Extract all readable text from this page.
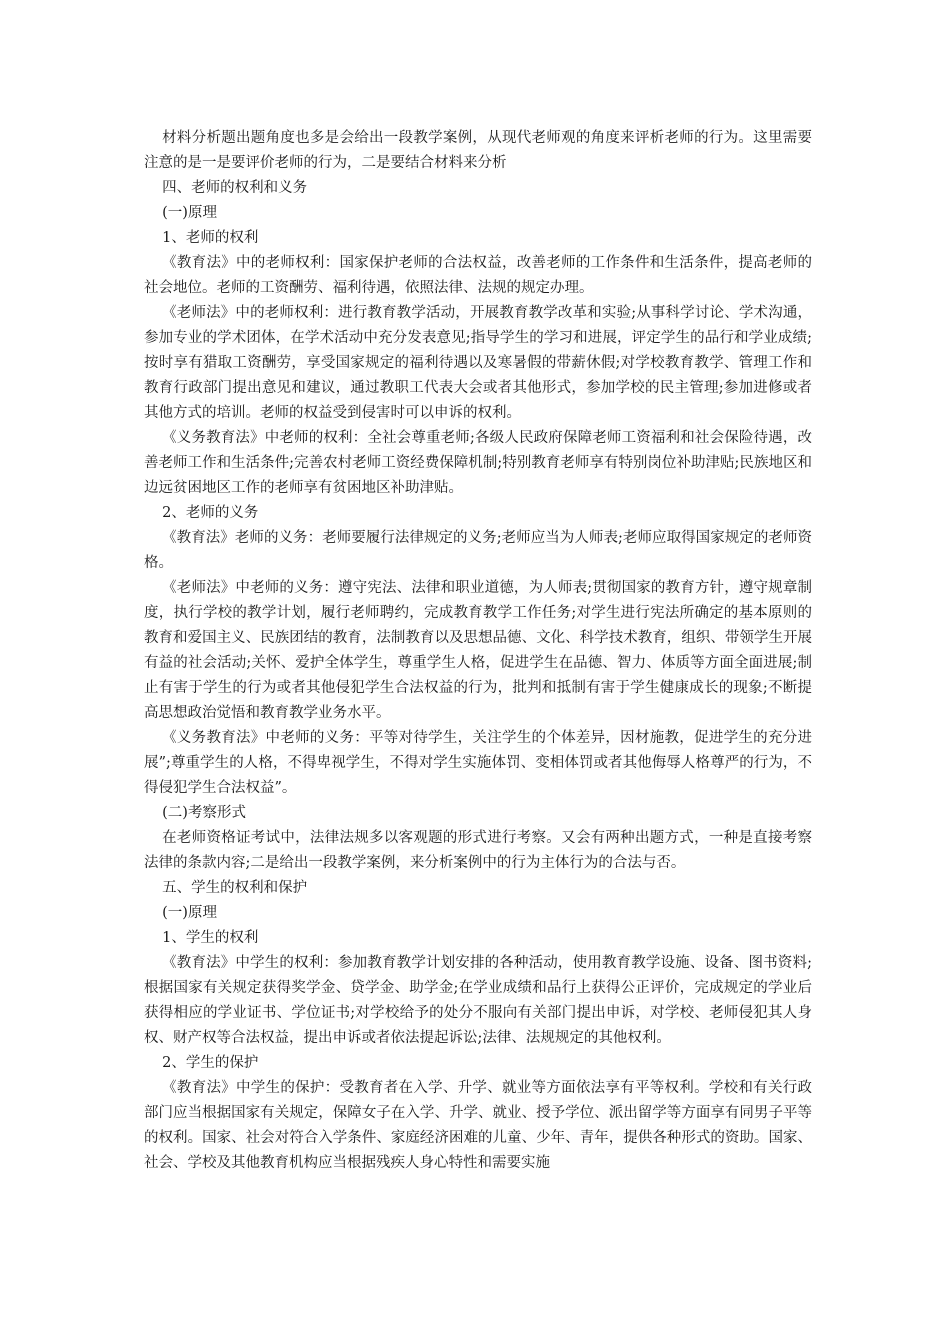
材料分析题出题角度也多是会给出一段教学案例，从现代老师观的角度来评析老师的行为。这里需要注意的是一是要评价老师的行为，二是要结合材料来分析

四、老师的权利和义务

(一)原理

1、老师的权利

《教育法》中的老师权利：国家保护老师的合法权益，改善老师的工作条件和生活条件，提高老师的社会地位。老师的工资酬劳、福利待遇，依照法律、法规的规定办理。

《老师法》中的老师权利：进行教育教学活动，开展教育教学改革和实验;从事科学讨论、学术沟通，参加专业的学术团体，在学术活动中充分发表意见;指导学生的学习和进展，评定学生的品行和学业成绩;按时享有猎取工资酬劳，享受国家规定的福利待遇以及寒暑假的带薪休假;对学校教育教学、管理工作和教育行政部门提出意见和建议，通过教职工代表大会或者其他形式，参加学校的民主管理;参加进修或者其他方式的培训。老师的权益受到侵害时可以申诉的权利。

《义务教育法》中老师的权利：全社会尊重老师;各级人民政府保障老师工资福利和社会保险待遇，改善老师工作和生活条件;完善农村老师工资经费保障机制;特别教育老师享有特别岗位补助津贴;民族地区和边远贫困地区工作的老师享有贫困地区补助津贴。

2、老师的义务

《教育法》老师的义务：老师要履行法律规定的义务;老师应当为人师表;老师应取得国家规定的老师资格。

《老师法》中老师的义务：遵守宪法、法律和职业道德，为人师表;贯彻国家的教育方针，遵守规章制度，执行学校的教学计划，履行老师聘约，完成教育教学工作任务;对学生进行宪法所确定的基本原则的教育和爱国主义、民族团结的教育，法制教育以及思想品德、文化、科学技术教育，组织、带领学生开展有益的社会活动;关怀、爱护全体学生，尊重学生人格，促进学生在品德、智力、体质等方面全面进展;制止有害于学生的行为或者其他侵犯学生合法权益的行为，批判和抵制有害于学生健康成长的现象;不断提高思想政治觉悟和教育教学业务水平。

《义务教育法》中老师的义务：平等对待学生，关注学生的个体差异，因材施教，促进学生的充分进展”;尊重学生的人格，不得卑视学生，不得对学生实施体罚、变相体罚或者其他侮辱人格尊严的行为，不得侵犯学生合法权益”。

(二)考察形式

在老师资格证考试中，法律法规多以客观题的形式进行考察。又会有两种出题方式，一种是直接考察法律的条款内容;二是给出一段教学案例，来分析案例中的行为主体行为的合法与否。

五、学生的权利和保护

(一)原理

1、学生的权利

《教育法》中学生的权利：参加教育教学计划安排的各种活动，使用教育教学设施、设备、图书资料;根据国家有关规定获得奖学金、贷学金、助学金;在学业成绩和品行上获得公正评价，完成规定的学业后获得相应的学业证书、学位证书;对学校给予的处分不服向有关部门提出申诉，对学校、老师侵犯其人身权、财产权等合法权益，提出申诉或者依法提起诉讼;法律、法规规定的其他权利。

2、学生的保护

《教育法》中学生的保护：受教育者在入学、升学、就业等方面依法享有平等权利。学校和有关行政部门应当根据国家有关规定，保障女子在入学、升学、就业、授予学位、派出留学等方面享有同男子平等的权利。国家、社会对符合入学条件、家庭经济困难的儿童、少年、青年，提供各种形式的资助。国家、社会、学校及其他教育机构应当根据残疾人身心特性和需要实施
